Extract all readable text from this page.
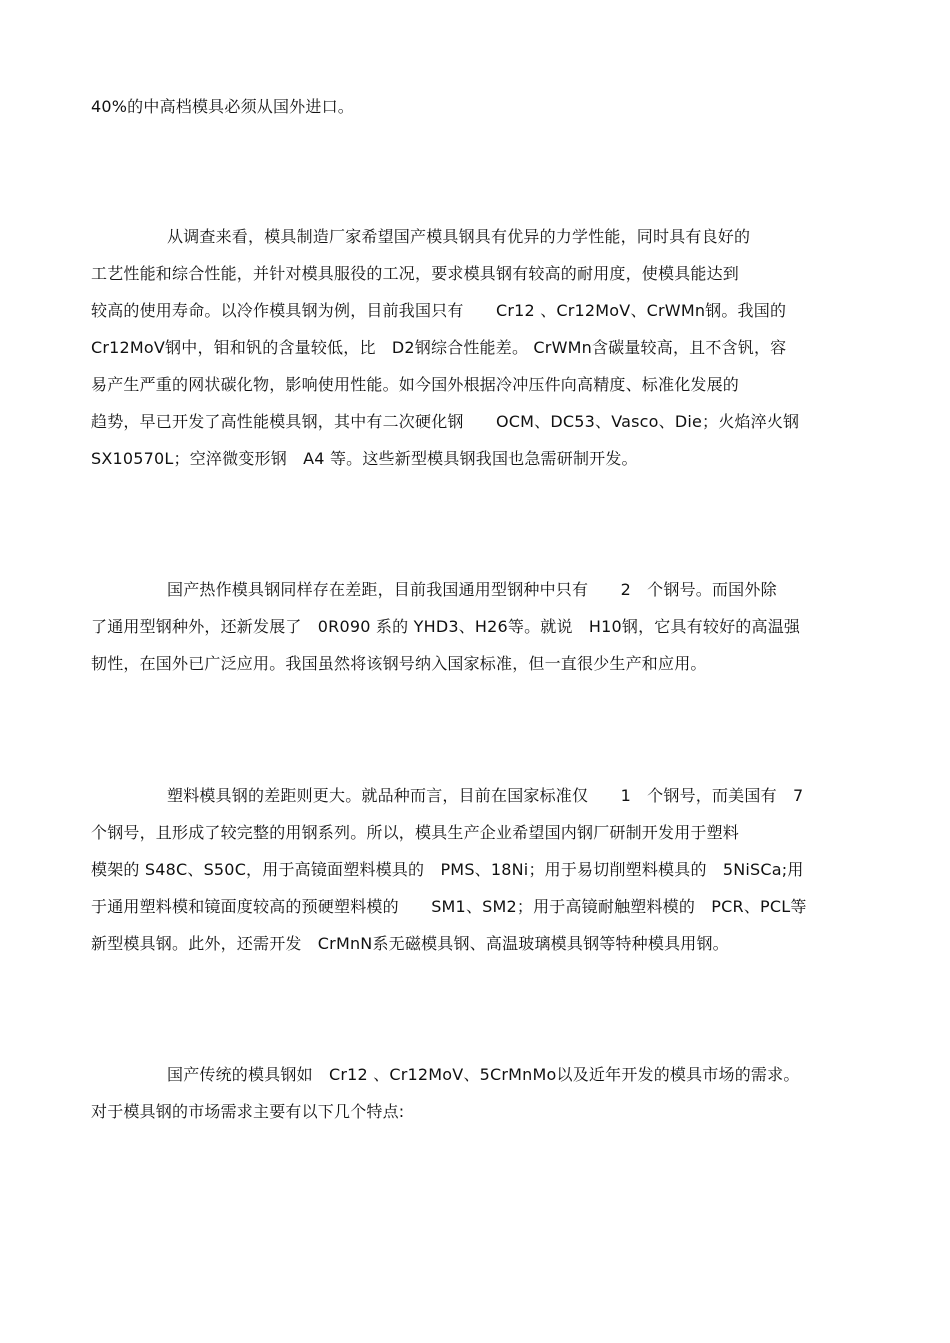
40%的中高档模具必须从国外进口。
从调查来看，模具制造厂家希望国产模具钢具有优异的力学性能，同时具有良好的
工艺性能和综合性能，并针对模具服役的工况，要求模具钢有较高的耐用度，使模具能达到
较高的使用寿命。以冷作模具钢为例，目前我国只有　　Cr12 、Cr12MoV、CrWMn钢。我国的
Cr12MoV钢中，钼和钒的含量较低，比　D2钢综合性能差。 CrWMn含碳量较高，且不含钒，容
易产生严重的网状碳化物，影响使用性能。如今国外根据冷冲压件向高精度、标准化发展的
趋势，早已开发了高性能模具钢，其中有二次硬化钢　　OCM、DC53、Vasco、Die；火焰淬火钢
SX10570L；空淬微变形钢　A4 等。这些新型模具钢我国也急需研制开发。
国产热作模具钢同样存在差距，目前我国通用型钢种中只有　　2　个钢号。而国外除
了通用型钢种外，还新发展了　0R090 系的 YHD3、H26等。就说　H10钢，它具有较好的高温强
韧性，在国外已广泛应用。我国虽然将该钢号纳入国家标准，但一直很少生产和应用。
塑料模具钢的差距则更大。就品种而言，目前在国家标准仅　　1　个钢号，而美国有　7
个钢号，且形成了较完整的用钢系列。所以，模具生产企业希望国内钢厂研制开发用于塑料
模架的 S48C、S50C，用于高镜面塑料模具的　PMS、18Ni；用于易切削塑料模具的　5NiSCa;用
于通用塑料模和镜面度较高的预硬塑料模的　　SM1、SM2；用于高镜耐触塑料模的　PCR、PCL等
新型模具钢。此外，还需开发　CrMnN系无磁模具钢、高温玻璃模具钢等特种模具用钢。
国产传统的模具钢如　Cr12 、Cr12MoV、5CrMnMo以及近年开发的模具市场的需求。
对于模具钢的市场需求主要有以下几个特点:
